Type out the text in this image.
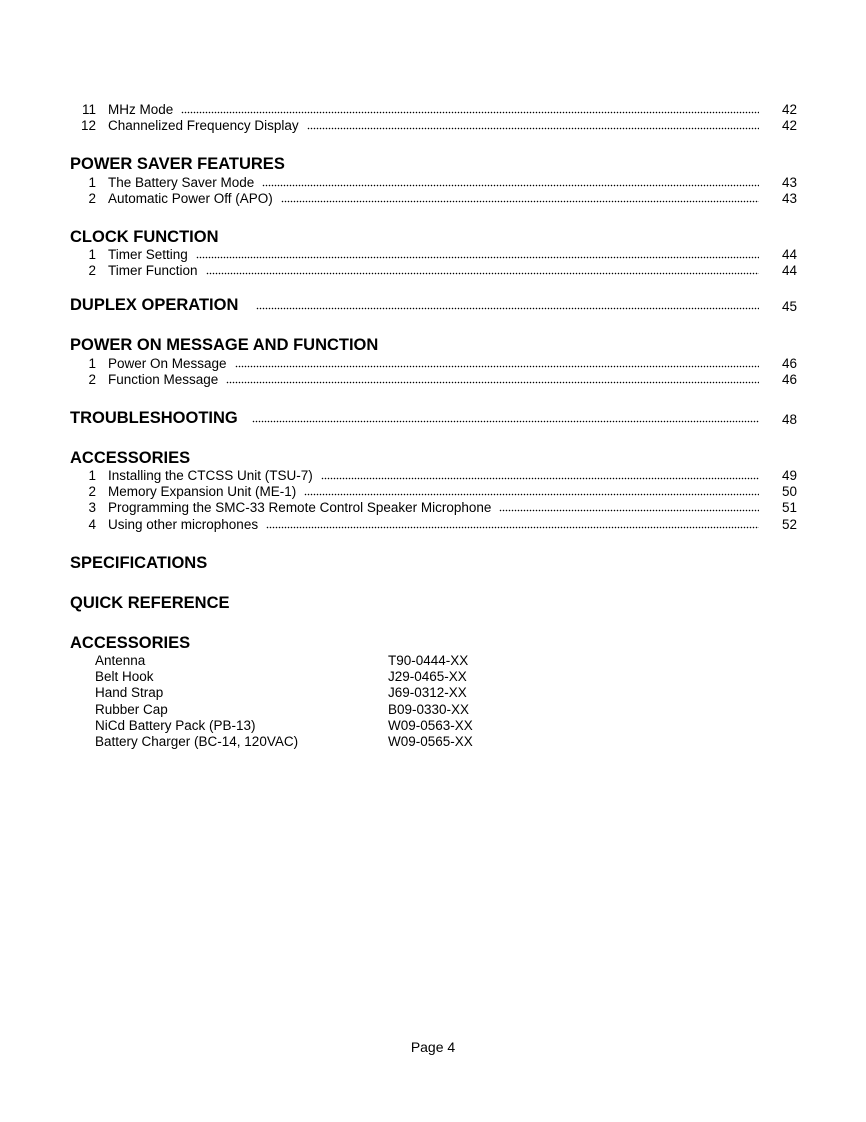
11 MHz Mode	42
12 Channelized Frequency Display	42
POWER SAVER FEATURES
1 The Battery Saver Mode	43
2 Automatic Power Off (APO)	43
CLOCK FUNCTION
1 Timer Setting	44
2 Timer Function	44
DUPLEX OPERATION	45
POWER ON MESSAGE AND FUNCTION
1 Power On Message	46
2 Function Message	46
TROUBLESHOOTING	48
ACCESSORIES
1 Installing the CTCSS Unit (TSU-7)	49
2 Memory Expansion Unit (ME-1)	50
3 Programming the SMC-33 Remote Control Speaker Microphone	51
4 Using other microphones	52
SPECIFICATIONS
QUICK REFERENCE
ACCESSORIES
Antenna	T90-0444-XX
Belt Hook	J29-0465-XX
Hand Strap	J69-0312-XX
Rubber Cap	B09-0330-XX
NiCd Battery Pack (PB-13)	W09-0563-XX
Battery Charger (BC-14, 120VAC)	W09-0565-XX
Page 4
